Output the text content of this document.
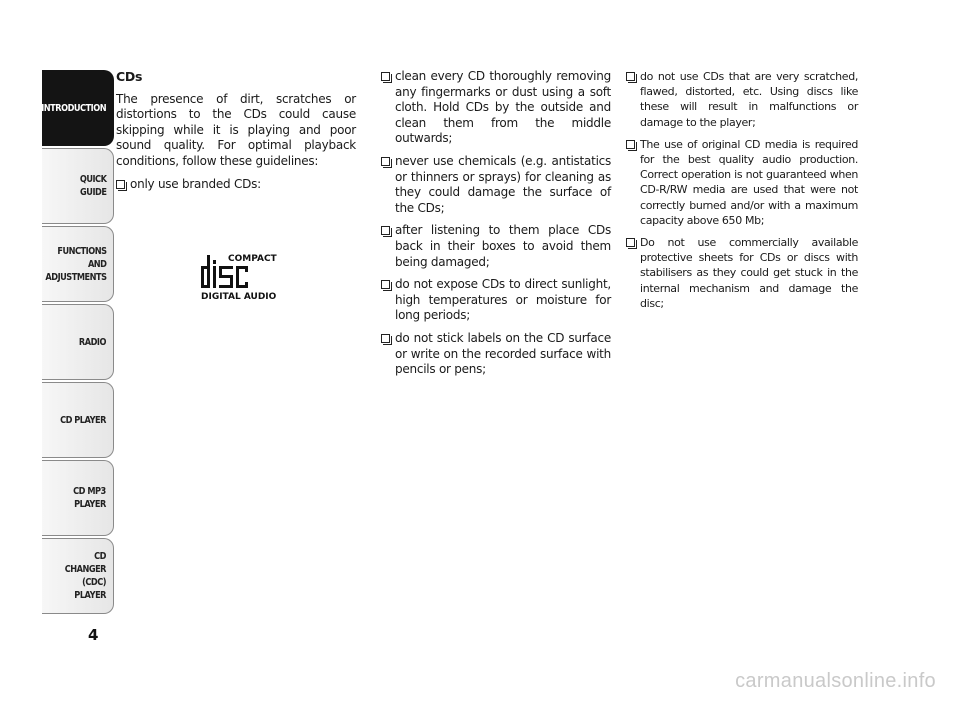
INTRODUCTION
QUICK
GUIDE
FUNCTIONS
AND
ADJUSTMENTS
RADIO
CD PLAYER
CD MP3
PLAYER
CD CHANGER
(CDC) PLAYER
4

CDs

The presence of dirt, scratches or distortions to the CDs could cause skipping while it is playing and poor sound quality. For optimal playback conditions, follow these guidelines:

only use branded CDs:
COMPACT
DIGITAL AUDIO
clean every CD thoroughly removing any fingermarks or dust using a soft cloth. Hold CDs by the outside and clean them from the middle outwards;
never use chemicals (e.g. antistatics or thinners or sprays) for cleaning as they could damage the surface of the CDs;
after listening to them place CDs back in their boxes to avoid them being damaged;
do not expose CDs to direct sunlight, high temperatures or moisture for long periods;
do not stick labels on the CD surface or write on the recorded surface with pencils or pens;
do not use CDs that are very scratched, flawed, distorted, etc. Using discs like these will result in malfunctions or damage to the player;
The use of original CD media is required for the best quality audio production. Correct operation is not guaranteed when CD-R/RW media are used that were not correctly burned and/or with a maximum capacity above 650 Mb;
Do not use commercially available protective sheets for CDs or discs with stabilisers as they could get stuck in the internal mechanism and damage the disc;
carmanualsonline.info
